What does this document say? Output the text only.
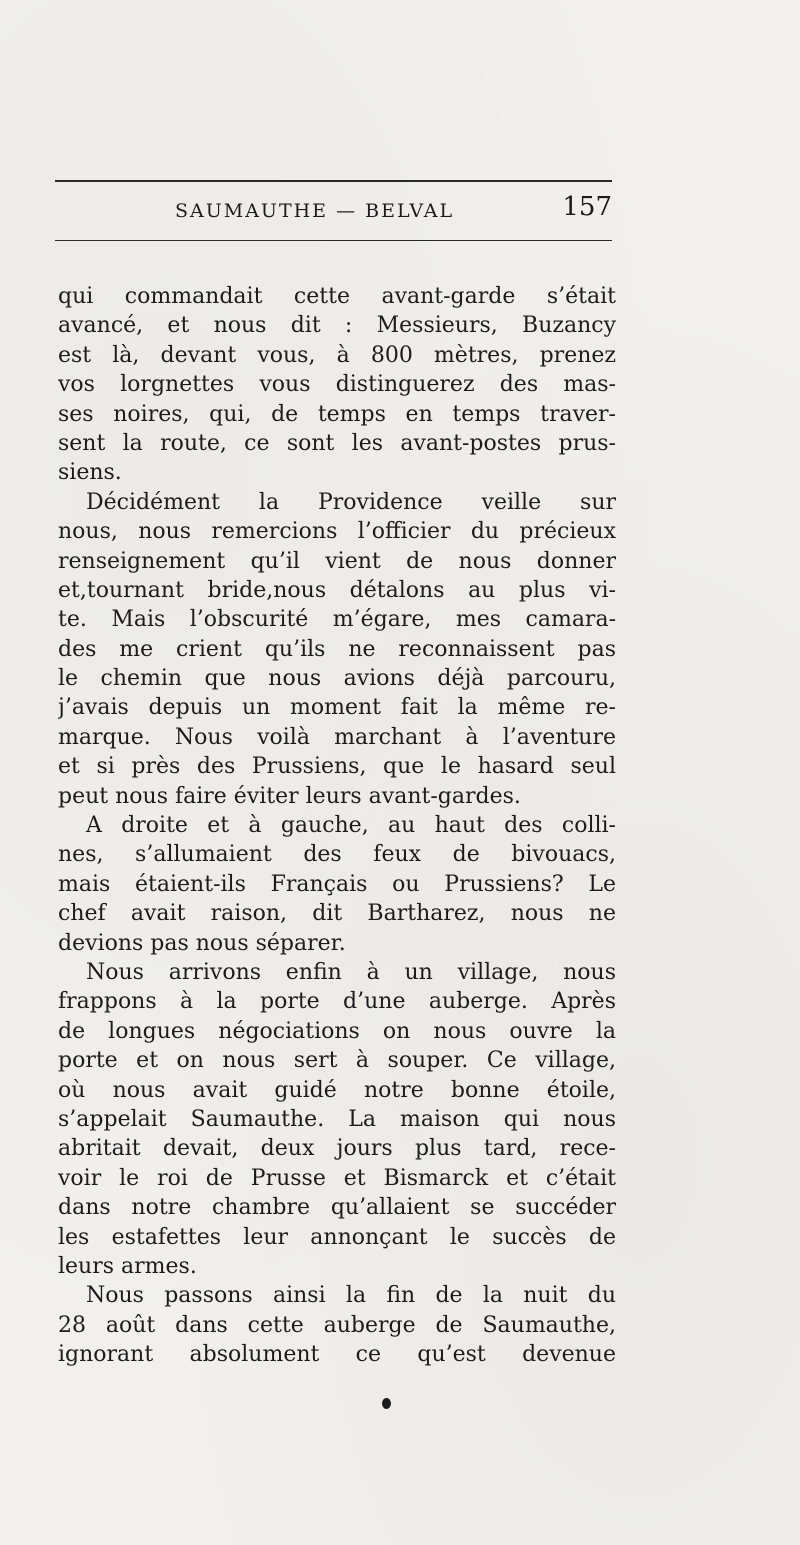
SAUMAUTHE — BELVAL	157
qui commandait cette avant-garde s’était
avancé, et nous dit : Messieurs, Buzancy
est là, devant vous, à 800 mètres, prenez
vos lorgnettes vous distinguerez des mas-
ses noires, qui, de temps en temps traver-
sent la route, ce sont les avant-postes prus-
siens.
Décidément la Providence veille sur
nous, nous remercions l’officier du précieux
renseignement qu’il vient de nous donner
et,tournant bride,nous détalons au plus vi-
te. Mais l’obscurité m’égare, mes camara-
des me crient qu’ils ne reconnaissent pas
le chemin que nous avions déjà parcouru,
j’avais depuis un moment fait la même re-
marque. Nous voilà marchant à l’aventure
et si près des Prussiens, que le hasard seul
peut nous faire éviter leurs avant-gardes.
A droite et à gauche, au haut des colli-
nes, s’allumaient des feux de bivouacs,
mais étaient-ils Français ou Prussiens? Le
chef avait raison, dit Bartharez, nous ne
devions pas nous séparer.
Nous arrivons enfin à un village, nous
frappons à la porte d’une auberge. Après
de longues négociations on nous ouvre la
porte et on nous sert à souper. Ce village,
où nous avait guidé notre bonne étoile,
s’appelait Saumauthe. La maison qui nous
abritait devait, deux jours plus tard, rece-
voir le roi de Prusse et Bismarck et c’était
dans notre chambre qu’allaient se succéder
les estafettes leur annonçant le succès de
leurs armes.
Nous passons ainsi la fin de la nuit du
28 août dans cette auberge de Saumauthe,
ignorant absolument ce qu’est devenue
